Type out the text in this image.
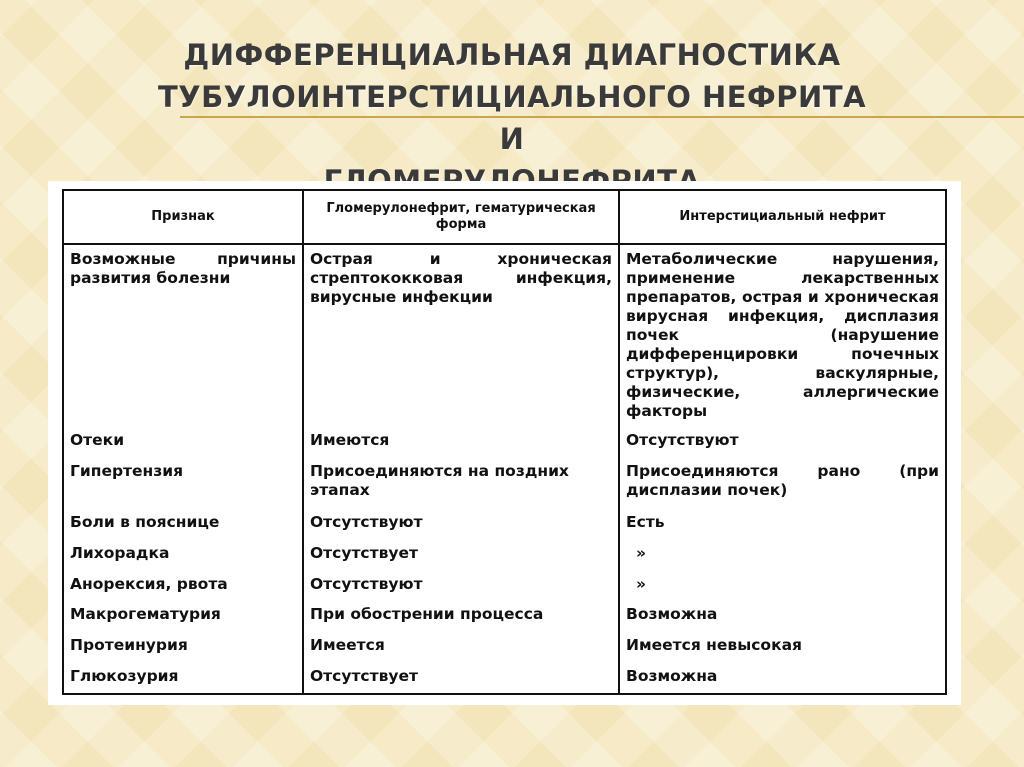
ДИФФЕРЕНЦИАЛЬНАЯ ДИАГНОСТИКА
ТУБУЛОИНТЕРСТИЦИАЛЬНОГО НЕФРИТА И
Признак	Гломерулонефрит, гематурическая форма	Интерстициальный нефрит
Возможные причины развития болезни	Острая и хроническая стрептококковая инфекция, вирусные инфекции	Метаболические нарушения, применение лекарственных препаратов, острая и хроническая вирусная инфекция, дисплазия почек (нарушение дифференцировки почечных структур), васкулярные, физические, аллергические факторы
Отеки	Имеются	Отсутствуют
Гипертензия	Присоединяются на поздних этапах	Присоединяются рано (при дисплазии почек)
Боли в пояснице	Отсутствуют	Есть
Лихорадка	Отсутствует	»
Анорексия, рвота	Отсутствуют	»
Макрогематурия	При обострении процесса	Возможна
Протеинурия	Имеется	Имеется невысокая
Глюкозурия	Отсутствует	Возможна
